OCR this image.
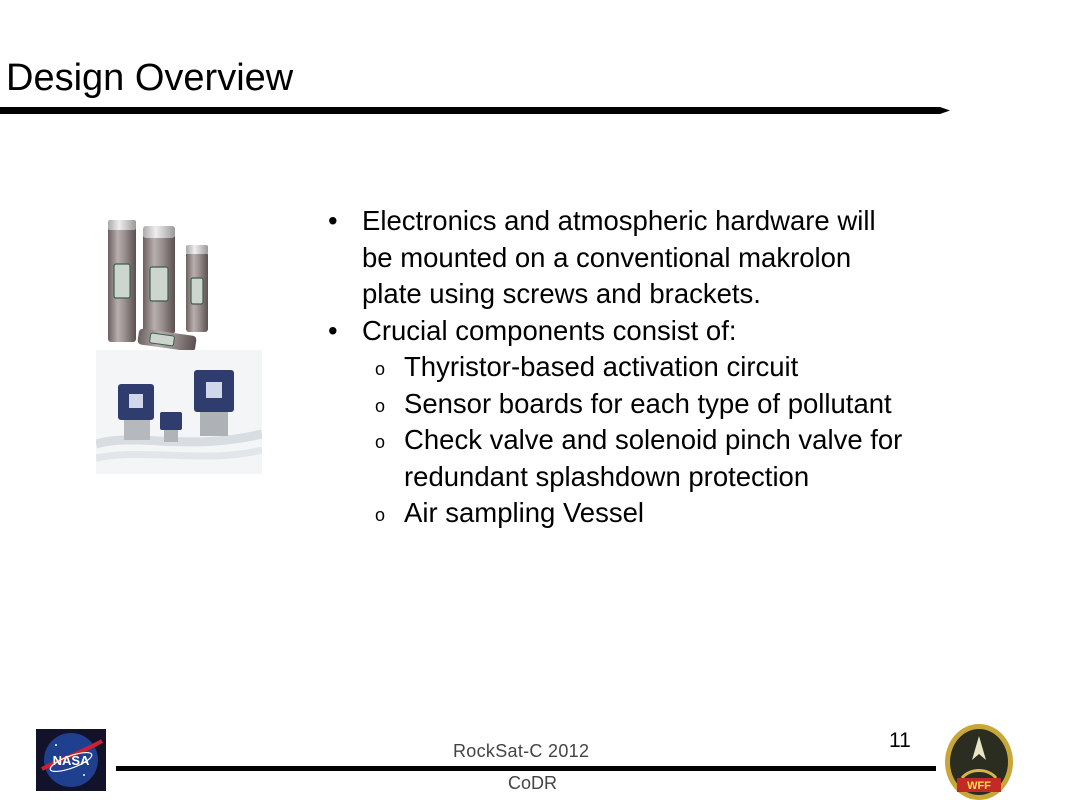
Design Overview
• Electronics and atmospheric hardware will
be mounted on a conventional makrolon
plate using screws and brackets.
• Crucial components consist of:
o Thyristor-based activation circuit
o Sensor boards for each type of pollutant
o Check valve and solenoid pinch valve for
redundant splashdown protection
o Air sampling Vessel
NASA	RockSat-C 2012
CoDR
11
WFF
